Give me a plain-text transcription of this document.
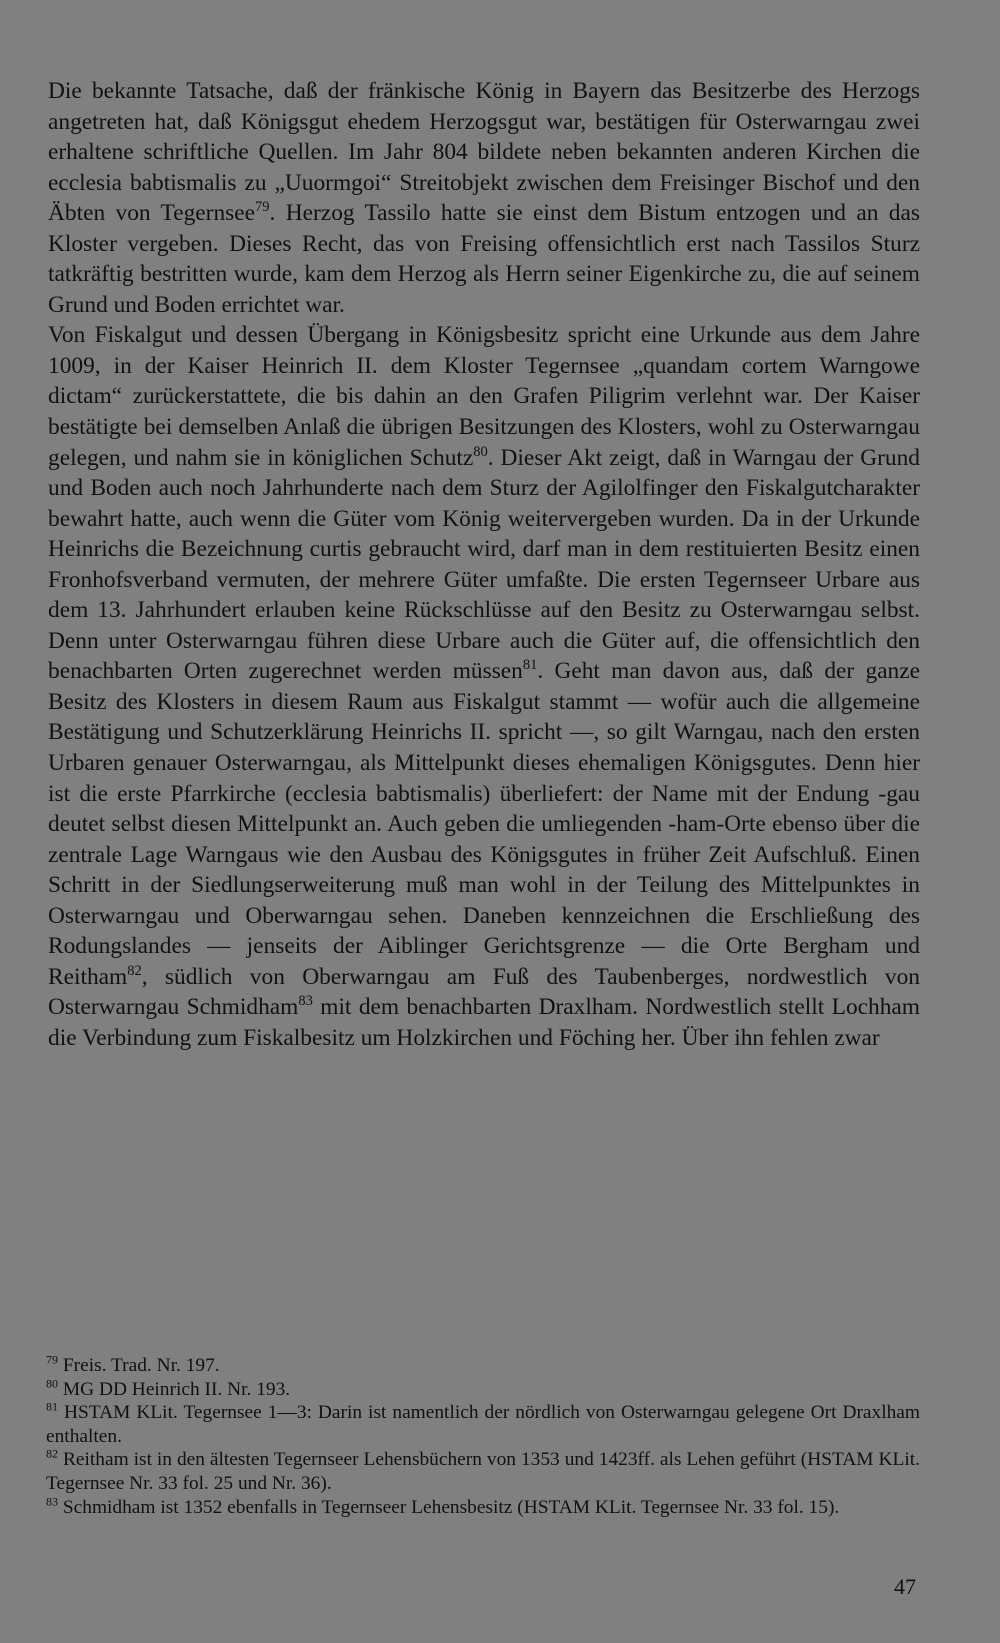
Die bekannte Tatsache, daß der fränkische König in Bayern das Besitzerbe des Herzogs angetreten hat, daß Königsgut ehedem Herzogsgut war, bestätigen für Osterwarngau zwei erhaltene schriftliche Quellen. Im Jahr 804 bildete neben bekannten anderen Kirchen die ecclesia babtismalis zu „Uuormgoi“ Streitobjekt zwischen dem Freisinger Bischof und den Äbten von Tegernsee$^{79}$. Herzog Tassilo hatte sie einst dem Bistum entzogen und an das Kloster vergeben. Dieses Recht, das von Freising offensichtlich erst nach Tassilos Sturz tatkräftig bestritten wurde, kam dem Herzog als Herrn seiner Eigenkirche zu, die auf seinem Grund und Boden errichtet war.

Von Fiskalgut und dessen Übergang in Königsbesitz spricht eine Urkunde aus dem Jahre 1009, in der Kaiser Heinrich II. dem Kloster Tegernsee „quandam cortem Warngowe dictam“ zurückerstattete, die bis dahin an den Grafen Piligrim verlehnt war. Der Kaiser bestätigte bei demselben Anlaß die übrigen Besitzungen des Klosters, wohl zu Osterwarngau gelegen, und nahm sie in königlichen Schutz$^{80}$. Dieser Akt zeigt, daß in Warngau der Grund und Boden auch noch Jahrhunderte nach dem Sturz der Agilolfinger den Fiskalgutcharakter bewahrt hatte, auch wenn die Güter vom König weitervergeben wurden. Da in der Urkunde Heinrichs die Bezeichnung curtis gebraucht wird, darf man in dem restituierten Besitz einen Fronhofsverband vermuten, der mehrere Güter umfaßte. Die ersten Tegernseer Urbare aus dem 13. Jahrhundert erlauben keine Rückschlüsse auf den Besitz zu Osterwarngau selbst. Denn unter Osterwarngau führen diese Urbare auch die Güter auf, die offensichtlich den benachbarten Orten zugerechnet werden müssen$^{81}$. Geht man davon aus, daß der ganze Besitz des Klosters in diesem Raum aus Fiskalgut stammt — wofür auch die allgemeine Bestätigung und Schutzerklärung Heinrichs II. spricht —, so gilt Warngau, nach den ersten Urbaren genauer Osterwarngau, als Mittelpunkt dieses ehemaligen Königsgutes. Denn hier ist die erste Pfarrkirche (ecclesia babtismalis) überliefert: der Name mit der Endung -gau deutet selbst diesen Mittelpunkt an. Auch geben die umliegenden -ham-Orte ebenso über die zentrale Lage Warngaus wie den Ausbau des Königsgutes in früher Zeit Aufschluß. Einen Schritt in der Siedlungserweiterung muß man wohl in der Teilung des Mittelpunktes in Osterwarngau und Oberwarngau sehen. Daneben kennzeichnen die Erschließung des Rodungslandes — jenseits der Aiblinger Gerichtsgrenze — die Orte Bergham und Reitham$^{82}$, südlich von Oberwarngau am Fuß des Taubenberges, nordwestlich von Osterwarngau Schmidham$^{83}$ mit dem benachbarten Draxlham. Nordwestlich stellt Lochham die Verbindung zum Fiskalbesitz um Holzkirchen und Föching her. Über ihn fehlen zwar

$^{79}$ Freis. Trad. Nr. 197.

$^{80}$ MG DD Heinrich II. Nr. 193.

$^{81}$ HSTAM KLit. Tegernsee 1—3: Darin ist namentlich der nördlich von Osterwarngau gelegene Ort Draxlham enthalten.

$^{82}$ Reitham ist in den ältesten Tegernseer Lehensbüchern von 1353 und 1423ff. als Lehen geführt (HSTAM KLit. Tegernsee Nr. 33 fol. 25 und Nr. 36).

$^{83}$ Schmidham ist 1352 ebenfalls in Tegernseer Lehensbesitz (HSTAM KLit. Tegernsee Nr. 33 fol. 15).

47
